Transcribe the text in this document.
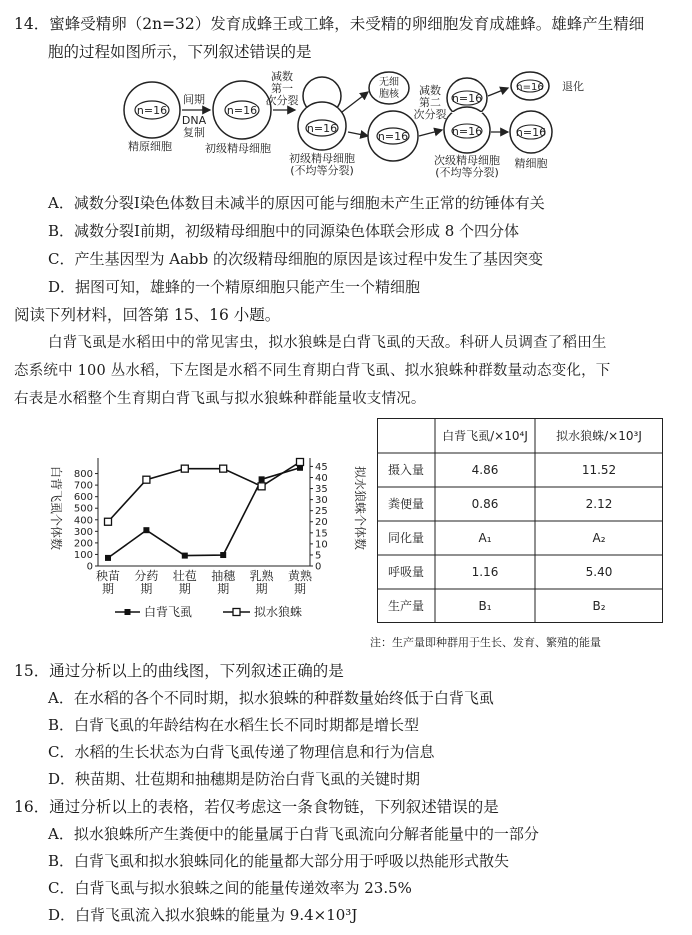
14．蜜蜂受精卵（2n=32）发育成蜂王或工蜂，未受精的卵细胞发育成雄蜂。雄蜂产生精细
胞的过程如图所示，下列叙述错误的是
n=16
精原细胞
间期
DNA
复制
n=16
初级精母细胞
减数
第一
次分裂
n=16
初级精母细胞
(不均等分裂)
无细
胞核
n=16
减数
第二
次分裂
n=16
n=16
次级精母细胞
(不均等分裂)
n=16 退化
n=16
精细胞
A．减数分裂Ⅰ染色体数目未减半的原因可能与细胞未产生正常的纺锤体有关
B．减数分裂Ⅰ前期，初级精母细胞中的同源染色体联会形成 8 个四分体
C．产生基因型为 Aabb 的次级精母细胞的原因是该过程中发生了基因突变
D．据图可知，雄蜂的一个精原细胞只能产生一个精细胞
阅读下列材料，回答第 15、16 小题。
白背飞虱是水稻田中的常见害虫，拟水狼蛛是白背飞虱的天敌。科研人员调查了稻田生
态系统中 100 丛水稻，下左图是水稻不同生育期白背飞虱、拟水狼蛛种群数量动态变化，下
右表是水稻整个生育期白背飞虱与拟水狼蛛种群能量收支情况。
白背飞虱个体数	拟水狼蛛个体数
800
700
600
500
400
300
200
100
0
45
40
35
30
25
20
15
10
5
0
秧苗
期
分药
期
壮苞
期
抽穗
期
乳熟
期
黄熟
期
白背飞虱	拟水狼蛛
白背飞虱/×10⁴J 拟水狼蛛/×10³J
摄入量	4.86	11.52
粪便量	0.86	2.12
同化量	A₁	A₂
呼吸量	1.16	5.40
生产量	B₁	B₂
注：生产量即种群用于生长、发育、繁殖的能量
15．通过分析以上的曲线图，下列叙述正确的是
A．在水稻的各个不同时期，拟水狼蛛的种群数量始终低于白背飞虱
B．白背飞虱的年龄结构在水稻生长不同时期都是增长型
C．水稻的生长状态为白背飞虱传递了物理信息和行为信息
D．秧苗期、壮苞期和抽穗期是防治白背飞虱的关键时期
16．通过分析以上的表格，若仅考虑这一条食物链，下列叙述错误的是
A．拟水狼蛛所产生粪便中的能量属于白背飞虱流向分解者能量中的一部分
B．白背飞虱和拟水狼蛛同化的能量都大部分用于呼吸以热能形式散失
C．白背飞虱与拟水狼蛛之间的能量传递效率为 23.5%
D．白背飞虱流入拟水狼蛛的能量为 9.4×10³J
